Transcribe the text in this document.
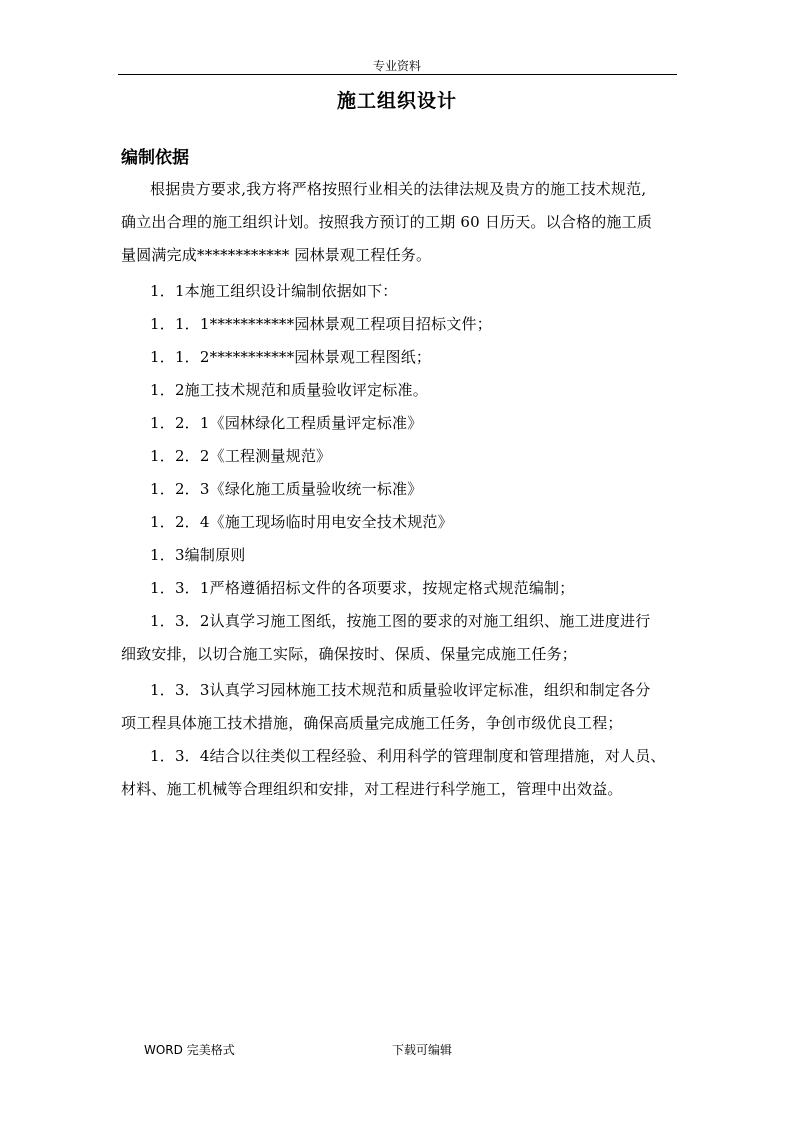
专业资料
施工组织设计
编制依据
根据贵方要求,我方将严格按照行业相关的法律法规及贵方的施工技术规范,
确立出合理的施工组织计划。按照我方预订的工期 60 日历天。以合格的施工质
量圆满完成************ 园林景观工程任务。
1．1本施工组织设计编制依据如下：
1．1．1***********园林景观工程项目招标文件；
1．1．2***********园林景观工程图纸；
1．2施工技术规范和质量验收评定标准。
1．2．1《园林绿化工程质量评定标准》
1．2．2《工程测量规范》
1．2．3《绿化施工质量验收统一标准》
1．2．4《施工现场临时用电安全技术规范》
1．3编制原则
1．3．1严格遵循招标文件的各项要求，按规定格式规范编制；
1．3．2认真学习施工图纸，按施工图的要求的对施工组织、施工进度进行
细致安排，以切合施工实际，确保按时、保质、保量完成施工任务；
1．3．3认真学习园林施工技术规范和质量验收评定标准，组织和制定各分
项工程具体施工技术措施，确保高质量完成施工任务，争创市级优良工程；
1．3．4结合以往类似工程经验、利用科学的管理制度和管理措施，对人员、
材料、施工机械等合理组织和安排，对工程进行科学施工，管理中出效益。
WORD 完美格式	下载可编辑
